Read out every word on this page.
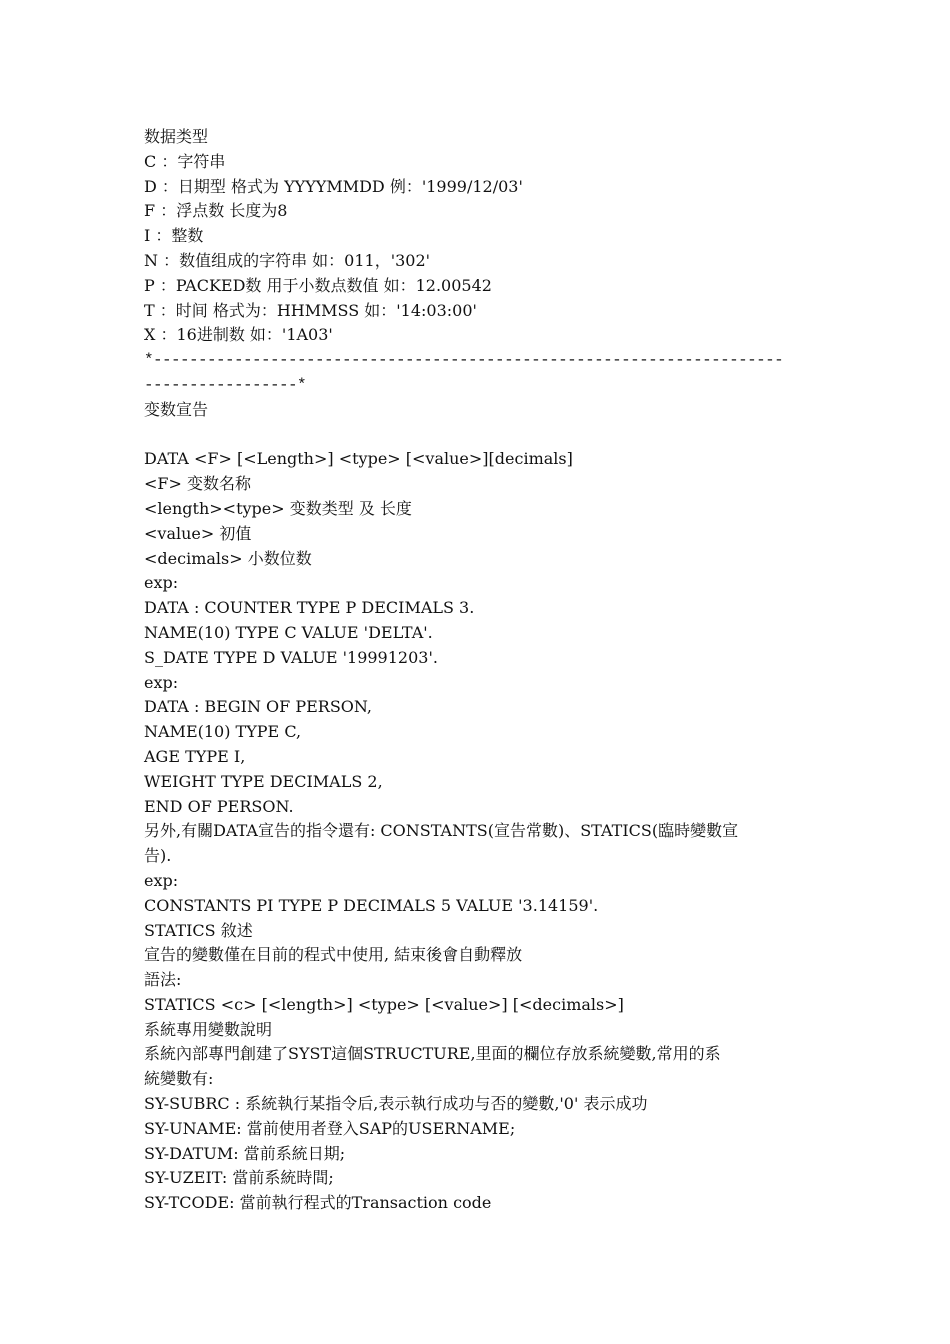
数据类型
C ：字符串
D ：日期型 格式为 YYYYMMDD 例：'1999/12/03'
F ：浮点数 长度为8
I ：整数
N ：数值组成的字符串 如：011，'302'
P ：PACKED数 用于小数点数值 如：12.00542
T ：时间 格式为：HHMMSS 如：'14:03:00'
X ：16进制数 如：'1A03'
*----------------------------------------------------------------------
-----------------*
变数宣告
DATA <F> [<Length>] <type> [<value>][decimals]
<F> 变数名称
<length><type> 变数类型 及 长度
<value> 初值
<decimals> 小数位数
exp:
DATA : COUNTER TYPE P DECIMALS 3.
NAME(10) TYPE C VALUE 'DELTA'.
S_DATE TYPE D VALUE '19991203'.
exp:
DATA : BEGIN OF PERSON,
NAME(10) TYPE C,
AGE TYPE I,
WEIGHT TYPE DECIMALS 2,
END OF PERSON.
另外,有關DATA宣告的指令還有: CONSTANTS(宣告常數)、STATICS(臨時變數宣
告).
exp:
CONSTANTS PI TYPE P DECIMALS 5 VALUE '3.14159'.
STATICS 敘述
宣告的變數僅在目前的程式中使用, 結束後會自動釋放
語法:
STATICS <c> [<length>] <type> [<value>] [<decimals>]
系統專用變數說明
系統內部專門創建了SYST這個STRUCTURE,里面的欄位存放系統變數,常用的系
統變數有:
SY-SUBRC : 系統執行某指令后,表示執行成功与否的變數,'0' 表示成功
SY-UNAME: 當前使用者登入SAP的USERNAME;
SY-DATUM: 當前系統日期;
SY-UZEIT: 當前系統時間;
SY-TCODE: 當前執行程式的Transaction code
